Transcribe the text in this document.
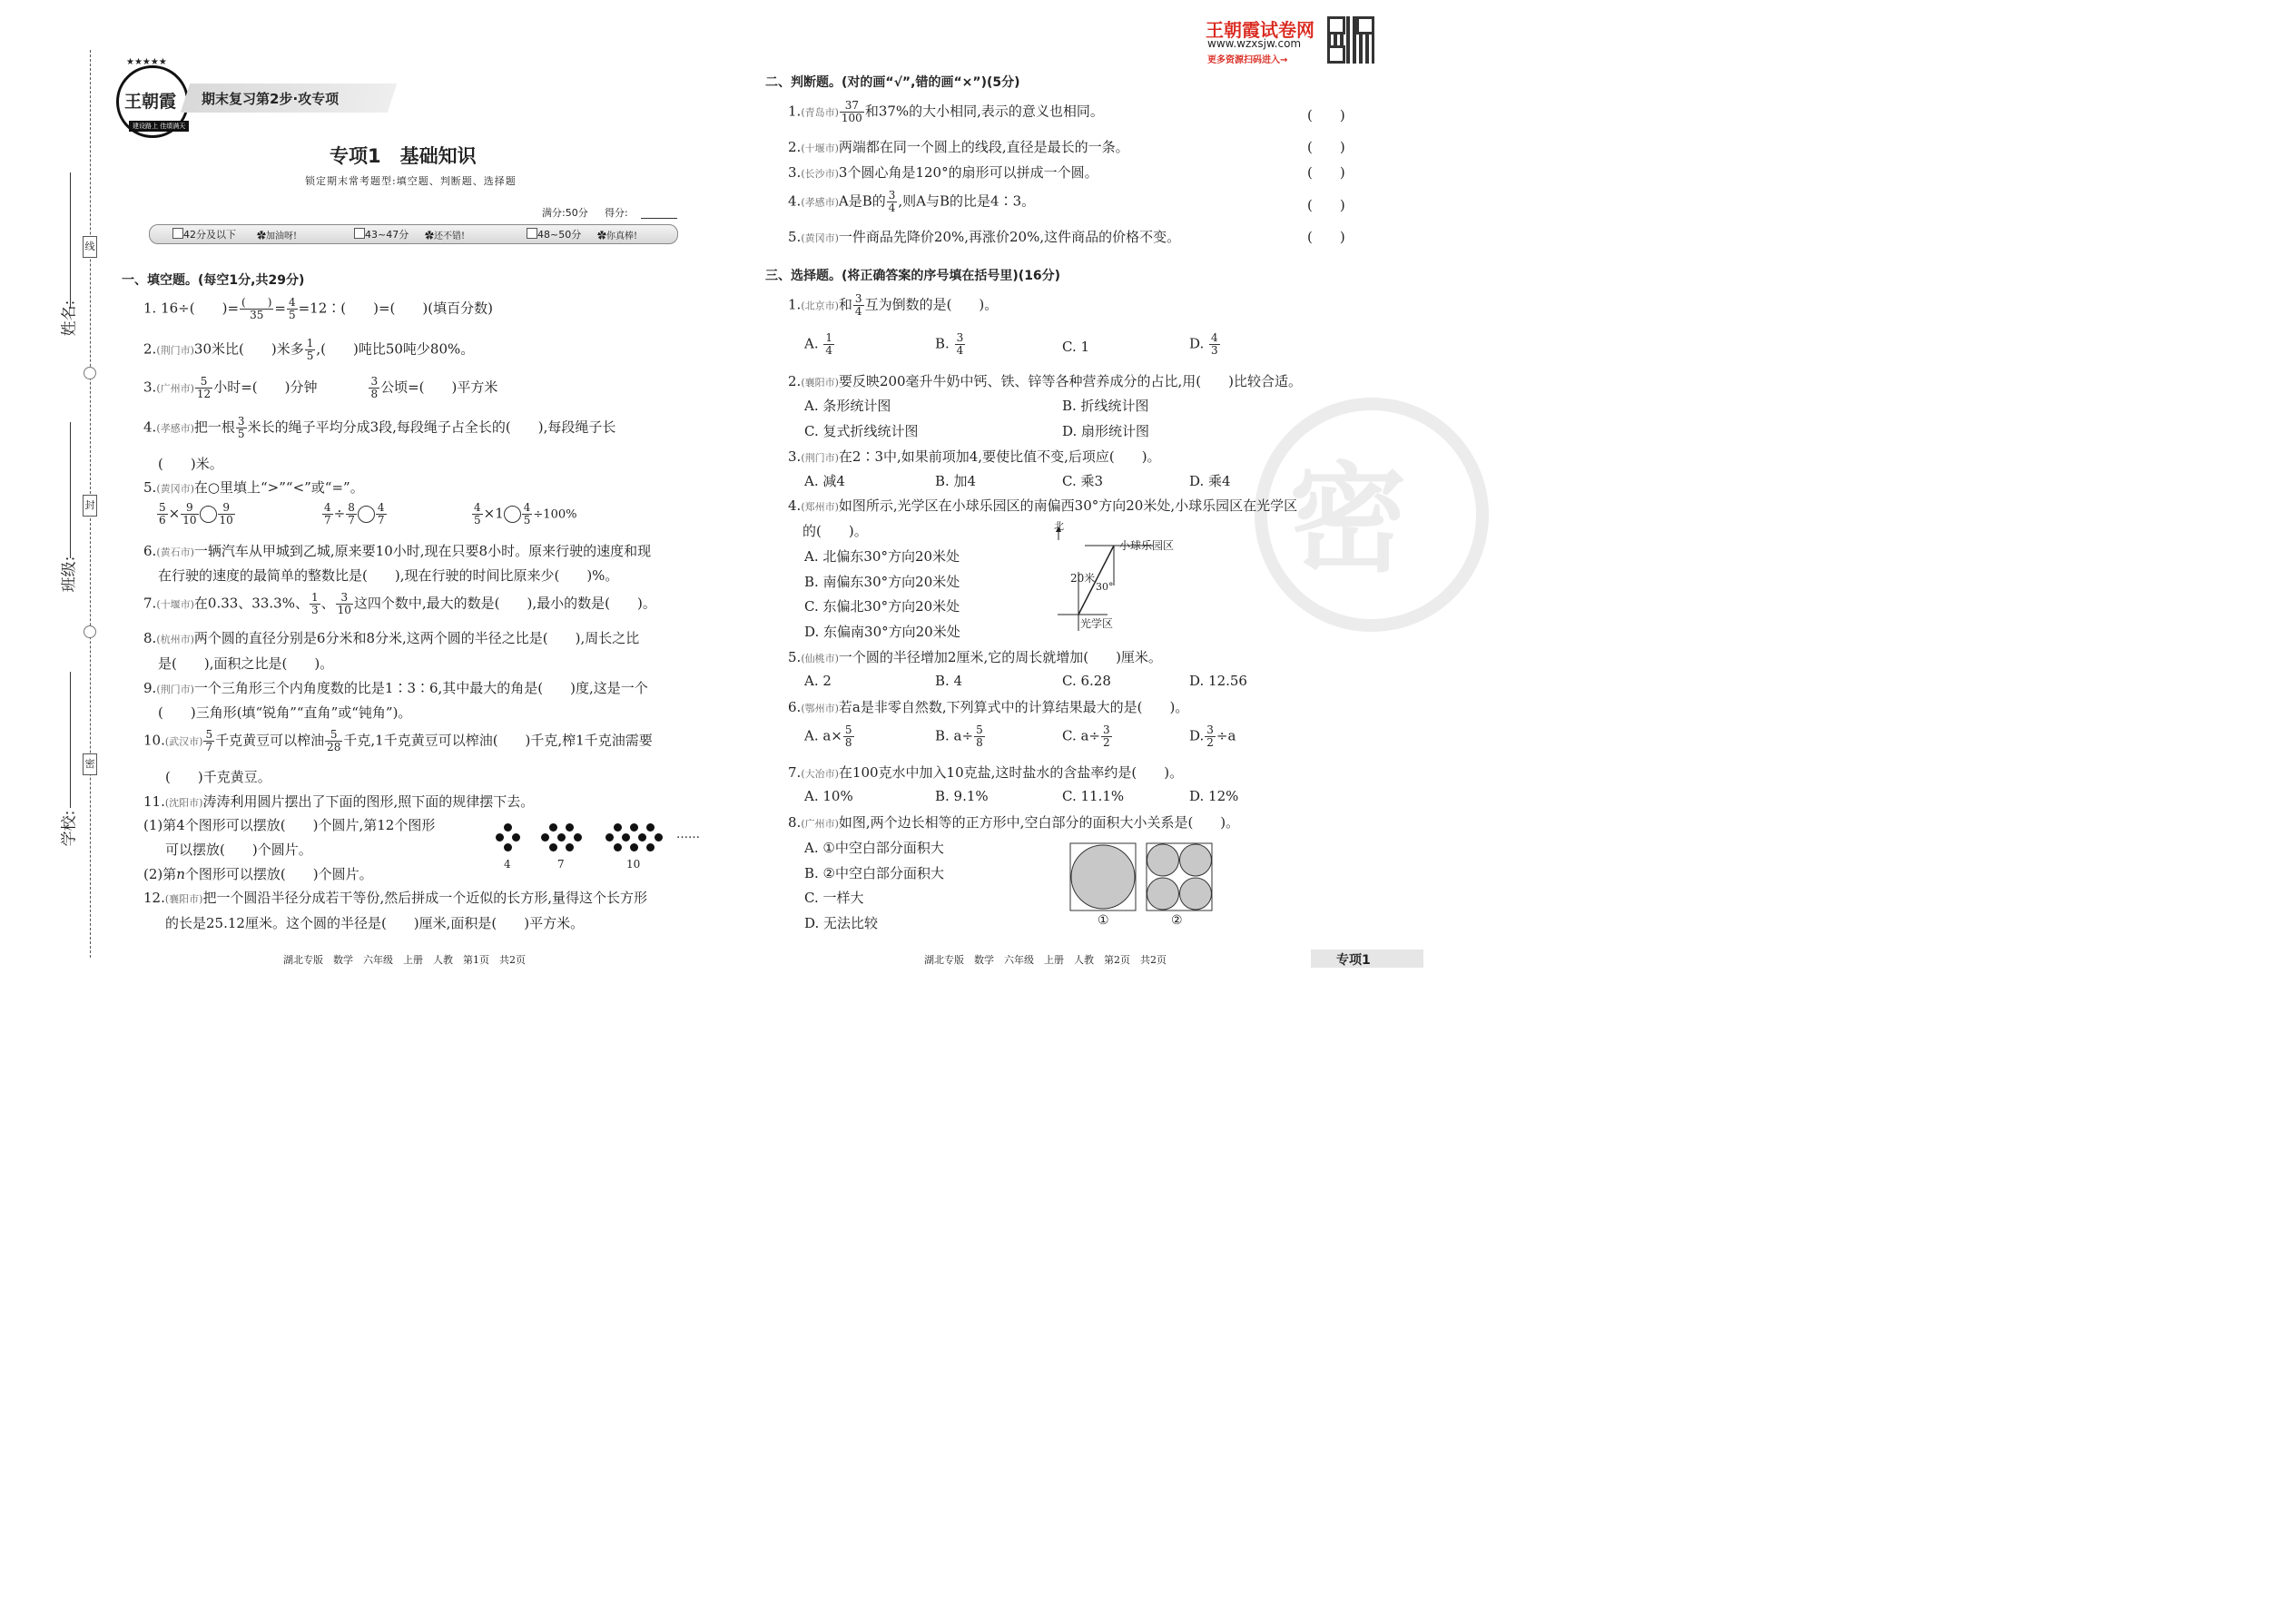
线
封
密
姓名:
班级:
学校:
★★★★★
王朝霞
建设路上 佳绩满天
期末复习第2步·攻专项
专项1　基础知识
锁定期末常考题型:填空题、判断题、选择题
满分:50分 得分:
42分及以下 ✿加油呀!	43~47分 ✿还不错!	48~50分 ✿你真棒!
一、填空题。(每空1分,共29分)
1. 16÷(　　)= $\frac{( )}{35} = \frac{4}{5}$ =12∶(　　)=(　　)(填百分数)
2.(荆门市)30米比(　　)米多 $\frac{1}{5}$ ,(　　)吨比50吨少80%。
3.(广州市) $\frac{5}{12}$ 小时=(　　)分钟	$\frac{3}{8}$ 公顷=(　　)平方米
4.(孝感市)把一根 $\frac{3}{5}$ 米长的绳子平均分成3段,每段绳子占全长的(　　),每段绳子长
(　　)米。
5.(黄冈市)在○里填上“>”“<”或“=”。
$\frac{5}{6} \times \frac{9}{10} \frac{9}{10}$	$\frac{4}{7} \div \frac{8}{7} \frac{4}{7}$	$\frac{4}{5} \times 1 \frac{4}{5} \div 100\%$
6.(黄石市)一辆汽车从甲城到乙城,原来要10小时,现在只要8小时。原来行驶的速度和现
在行驶的速度的最简单的整数比是(　　),现在行驶的时间比原来少(　　)%。
7.(十堰市)在0.33、33.3%、 $\frac{1}{3}$ 、 $\frac{3}{10}$ 这四个数中,最大的数是(　　),最小的数是(　　)。
8.(杭州市)两个圆的直径分别是6分米和8分米,这两个圆的半径之比是(　　),周长之比
是(　　),面积之比是(　　)。
9.(荆门市)一个三角形三个内角度数的比是1∶3∶6,其中最大的角是(　　)度,这是一个
(　　)三角形(填“锐角”“直角”或“钝角”)。
10.(武汉市) $\frac{5}{7}$ 千克黄豆可以榨油 $\frac{5}{28}$ 千克,1千克黄豆可以榨油(　　)千克,榨1千克油需要
(　　)千克黄豆。
11.(沈阳市)涛涛利用圆片摆出了下面的图形,照下面的规律摆下去。
(1)第4个图形可以摆放(　　)个圆片,第12个图形
可以摆放(　　)个圆片。
(2)第n个图形可以摆放(　　)个圆片。
4	7	10
……
12.(襄阳市)把一个圆沿半径分成若干等份,然后拼成一个近似的长方形,量得这个长方形
的长是25.12厘米。这个圆的半径是(　　)厘米,面积是(　　)平方米。
湖北专版　数学　六年级　上册　人教　第1页　共2页
密
王朝霞试卷网
www.wzxsjw.com
更多资源扫码进入→
二、判断题。(对的画“√”,错的画“×”)(5分)
1.(青岛市) $\frac{37}{100}$ 和37%的大小相同,表示的意义也相同。	(　　)
2.(十堰市)两端都在同一个圆上的线段,直径是最长的一条。	(　　)
3.(长沙市)3个圆心角是120°的扇形可以拼成一个圆。	(　　)
4.(孝感市)A是B的 $\frac{3}{4}$ ,则A与B的比是4∶3。	(　　)
5.(黄冈市)一件商品先降价20%,再涨价20%,这件商品的价格不变。	(　　)
三、选择题。(将正确答案的序号填在括号里)(16分)
1.(北京市)和 $\frac{3}{4}$ 互为倒数的是(　　)。
A. $\frac{1}{4}$	B. $\frac{3}{4}$	C. 1	D. $\frac{4}{3}$
2.(襄阳市)要反映200毫升牛奶中钙、铁、锌等各种营养成分的占比,用(　　)比较合适。
A. 条形统计图	B. 折线统计图
C. 复式折线统计图	D. 扇形统计图
3.(荆门市)在2∶3中,如果前项加4,要使比值不变,后项应(　　)。
A. 减4	B. 加4	C. 乘3	D. 乘4
4.(郑州市)如图所示,光学区在小球乐园区的南偏西30°方向20米处,小球乐园区在光学区
的(　　)。
A. 北偏东30°方向20米处
B. 南偏东30°方向20米处
C. 东偏北30°方向20米处
D. 东偏南30°方向20米处
北
小球乐园区
光学区
20米
30°
5.(仙桃市)一个圆的半径增加2厘米,它的周长就增加(　　)厘米。
A. 2	B. 4	C. 6.28	D. 12.56
6.(鄂州市)若a是非零自然数,下列算式中的计算结果最大的是(　　)。
A. $a\times \frac{5}{8}$	B. $a\div \frac{5}{8}$	C. $a\div \frac{3}{2}$	D. $\frac{3}{2} \div a$
7.(大冶市)在100克水中加入10克盐,这时盐水的含盐率约是(　　)。
A. 10%	B. 9.1%	C. 11.1%	D. 12%
8.(广州市)如图,两个边长相等的正方形中,空白部分的面积大小关系是(　　)。
A. ①中空白部分面积大
B. ②中空白部分面积大
C. 一样大
D. 无法比较	①	②
湖北专版　数学　六年级　上册　人教　第2页　共2页	专项1
